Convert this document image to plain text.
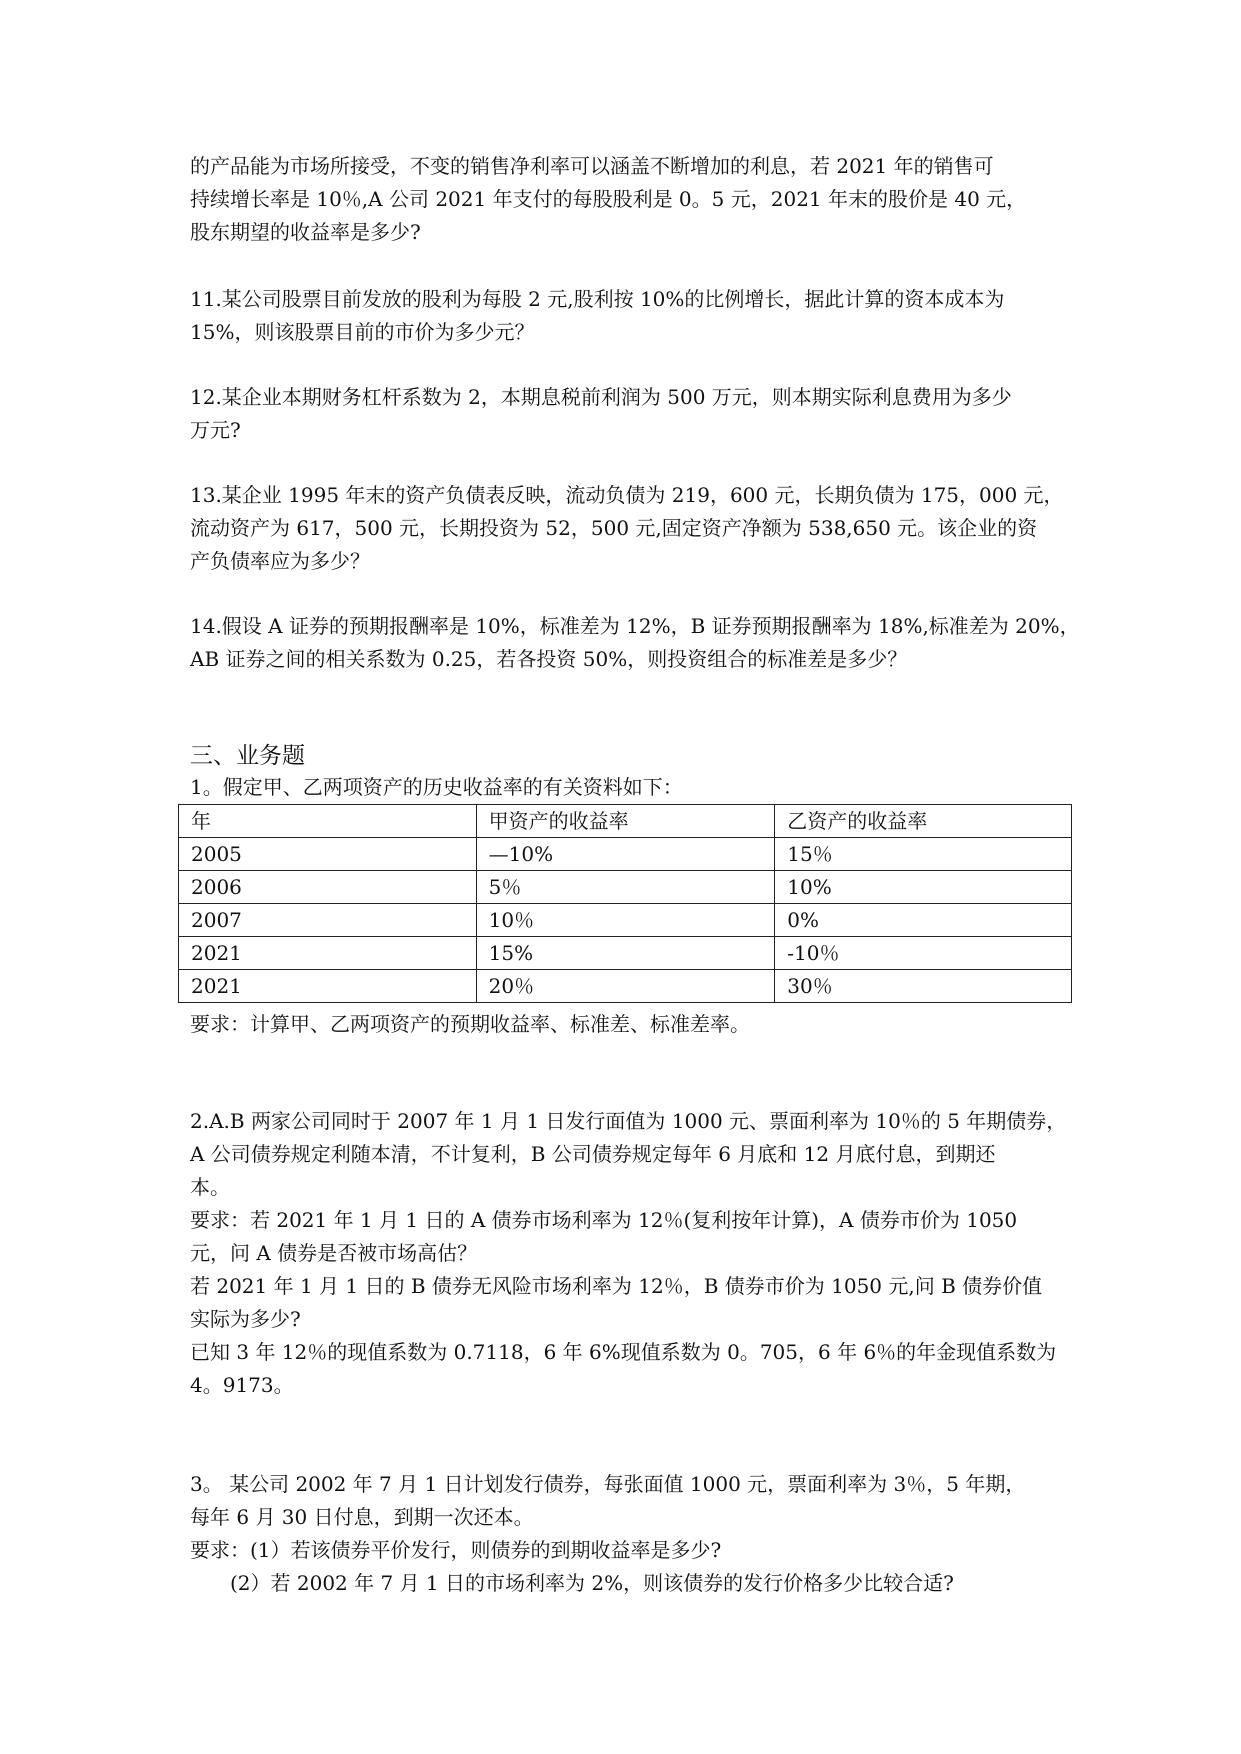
的产品能为市场所接受，不变的销售净利率可以涵盖不断增加的利息，若 2021 年的销售可
持续增长率是 10％,A 公司 2021 年支付的每股股利是 0。5 元，2021 年末的股价是 40 元，
股东期望的收益率是多少?

11.某公司股票目前发放的股利为每股 2 元,股利按 10%的比例增长，据此计算的资本成本为
15%，则该股票目前的市价为多少元？

12.某企业本期财务杠杆系数为 2，本期息税前利润为 500 万元，则本期实际利息费用为多少
万元?

13.某企业 1995 年末的资产负债表反映，流动负债为 219，600 元，长期负债为 175，000 元，
流动资产为 617，500 元，长期投资为 52，500 元,固定资产净额为 538,650 元。该企业的资
产负债率应为多少？

14.假设 A 证券的预期报酬率是 10%，标准差为 12%，B 证券预期报酬率为 18%,标准差为 20%，
AB 证券之间的相关系数为 0.25，若各投资 50%，则投资组合的标准差是多少？

三、业务题

1。假定甲、乙两项资产的历史收益率的有关资料如下：

年	甲资产的收益率	乙资产的收益率
2005	—10%	15％
2006	5％	10%
2007	10％	0%
2021	15%	-10％
2021	20％	30％

要求：计算甲、乙两项资产的预期收益率、标准差、标准差率。

2.A.B 两家公司同时于 2007 年 1 月 1 日发行面值为 1000 元、票面利率为 10％的 5 年期债券，
A 公司债券规定利随本清，不计复利，B 公司债券规定每年 6 月底和 12 月底付息，到期还
本。
要求：若 2021 年 1 月 1 日的 A 债券市场利率为 12％(复利按年计算)，A 债券市价为 1050
元，问 A 债券是否被市场高估？
若 2021 年 1 月 1 日的 B 债券无风险市场利率为 12％，B 债券市价为 1050 元,问 B 债券价值
实际为多少?
已知 3 年 12％的现值系数为 0.7118，6 年 6%现值系数为 0。705，6 年 6％的年金现值系数为
4。9173。

3。 某公司 2002 年 7 月 1 日计划发行债券，每张面值 1000 元，票面利率为 3％，5 年期，
每年 6 月 30 日付息，到期一次还本。
要求：(1）若该债券平价发行，则债券的到期收益率是多少?
(2）若 2002 年 7 月 1 日的市场利率为 2%，则该债券的发行价格多少比较合适?
